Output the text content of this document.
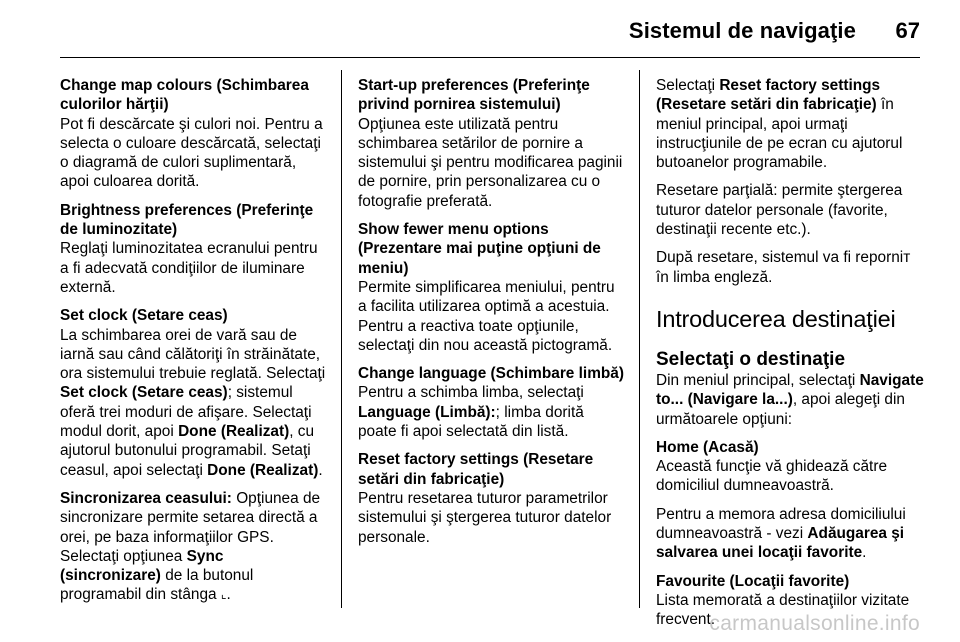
Sistemul de navigaţie 67
Change map colours (Schimbarea culorilor hărţii)
Pot fi descărcate şi culori noi. Pentru a selecta o culoare descărcată, selectaţi o diagramă de culori suplimentară, apoi culoarea dorită.
Brightness preferences (Preferinţe de luminozitate)
Reglaţi luminozitatea ecranului pentru a fi adecvată condiţiilor de iluminare externă.
Set clock (Setare ceas)
La schimbarea orei de vară sau de iarnă sau când călătoriţi în străinătate, ora sistemului trebuie reglată. Selectaţi Set clock (Setare ceas); sistemul oferă trei moduri de afişare. Selectaţi modul dorit, apoi Done (Realizat), cu ajutorul butonului programabil. Setaţi ceasul, apoi selectaţi Done (Realizat).
Sincronizarea ceasului: Opţiunea de sincronizare permite setarea directă a orei, pe baza informaţiilor GPS. Selectaţi opţiunea Sync (sincronizare) de la butonul programabil din stânga ⌞.
Start-up preferences (Preferinţe privind pornirea sistemului)
Opţiunea este utilizată pentru schimbarea setărilor de pornire a sistemului şi pentru modificarea paginii de pornire, prin personalizarea cu o fotografie preferată.
Show fewer menu options (Prezentare mai puţine opţiuni de meniu)
Permite simplificarea meniului, pentru a facilita utilizarea optimă a acestuia. Pentru a reactiva toate opţiunile, selectaţi din nou această pictogramă.
Change language (Schimbare limbă)
Pentru a schimba limba, selectaţi Language (Limbă):; limba dorită poate fi apoi selectată din listă.
Reset factory settings (Resetare setări din fabricaţie)
Pentru resetarea tuturor parametrilor sistemului şi ştergerea tuturor datelor personale.
Selectaţi Reset factory settings (Resetare setări din fabricaţie) în meniul principal, apoi urmaţi instrucţiunile de pe ecran cu ajutorul butoanelor programabile.
Resetare parţială: permite ştergerea tuturor datelor personale (favorite, destinaţii recente etc.).
După resetare, sistemul va fi reporniт în limba engleză.
Introducerea destinaţiei
Selectaţi o destinaţie
Din meniul principal, selectaţi Navigate to... (Navigare la...), apoi alegeţi din următoarele opţiuni:
Home (Acasă)
Această funcţie vă ghidează către domiciliul dumneavoastră.
Pentru a memora adresa domiciliului dumneavoastră - vezi Adăugarea şi salvarea unei locaţii favorite.
Favourite (Locaţii favorite)
Lista memorată a destinaţiilor vizitate frecvent.
carmanualsonline.info
